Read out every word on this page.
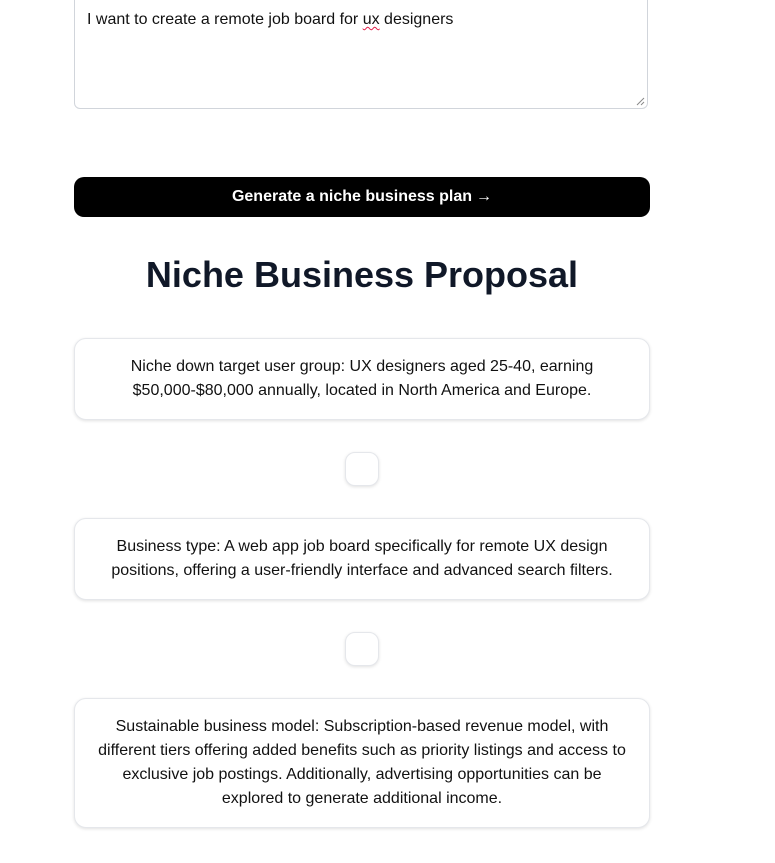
I want to create a remote job board for ux designers
Generate a niche business plan →
Niche Business Proposal
Niche down target user group: UX designers aged 25-40, earning $50,000-$80,000 annually, located in North America and Europe.
Business type: A web app job board specifically for remote UX design positions, offering a user-friendly interface and advanced search filters.
Sustainable business model: Subscription-based revenue model, with different tiers offering added benefits such as priority listings and access to exclusive job postings. Additionally, advertising opportunities can be explored to generate additional income.
